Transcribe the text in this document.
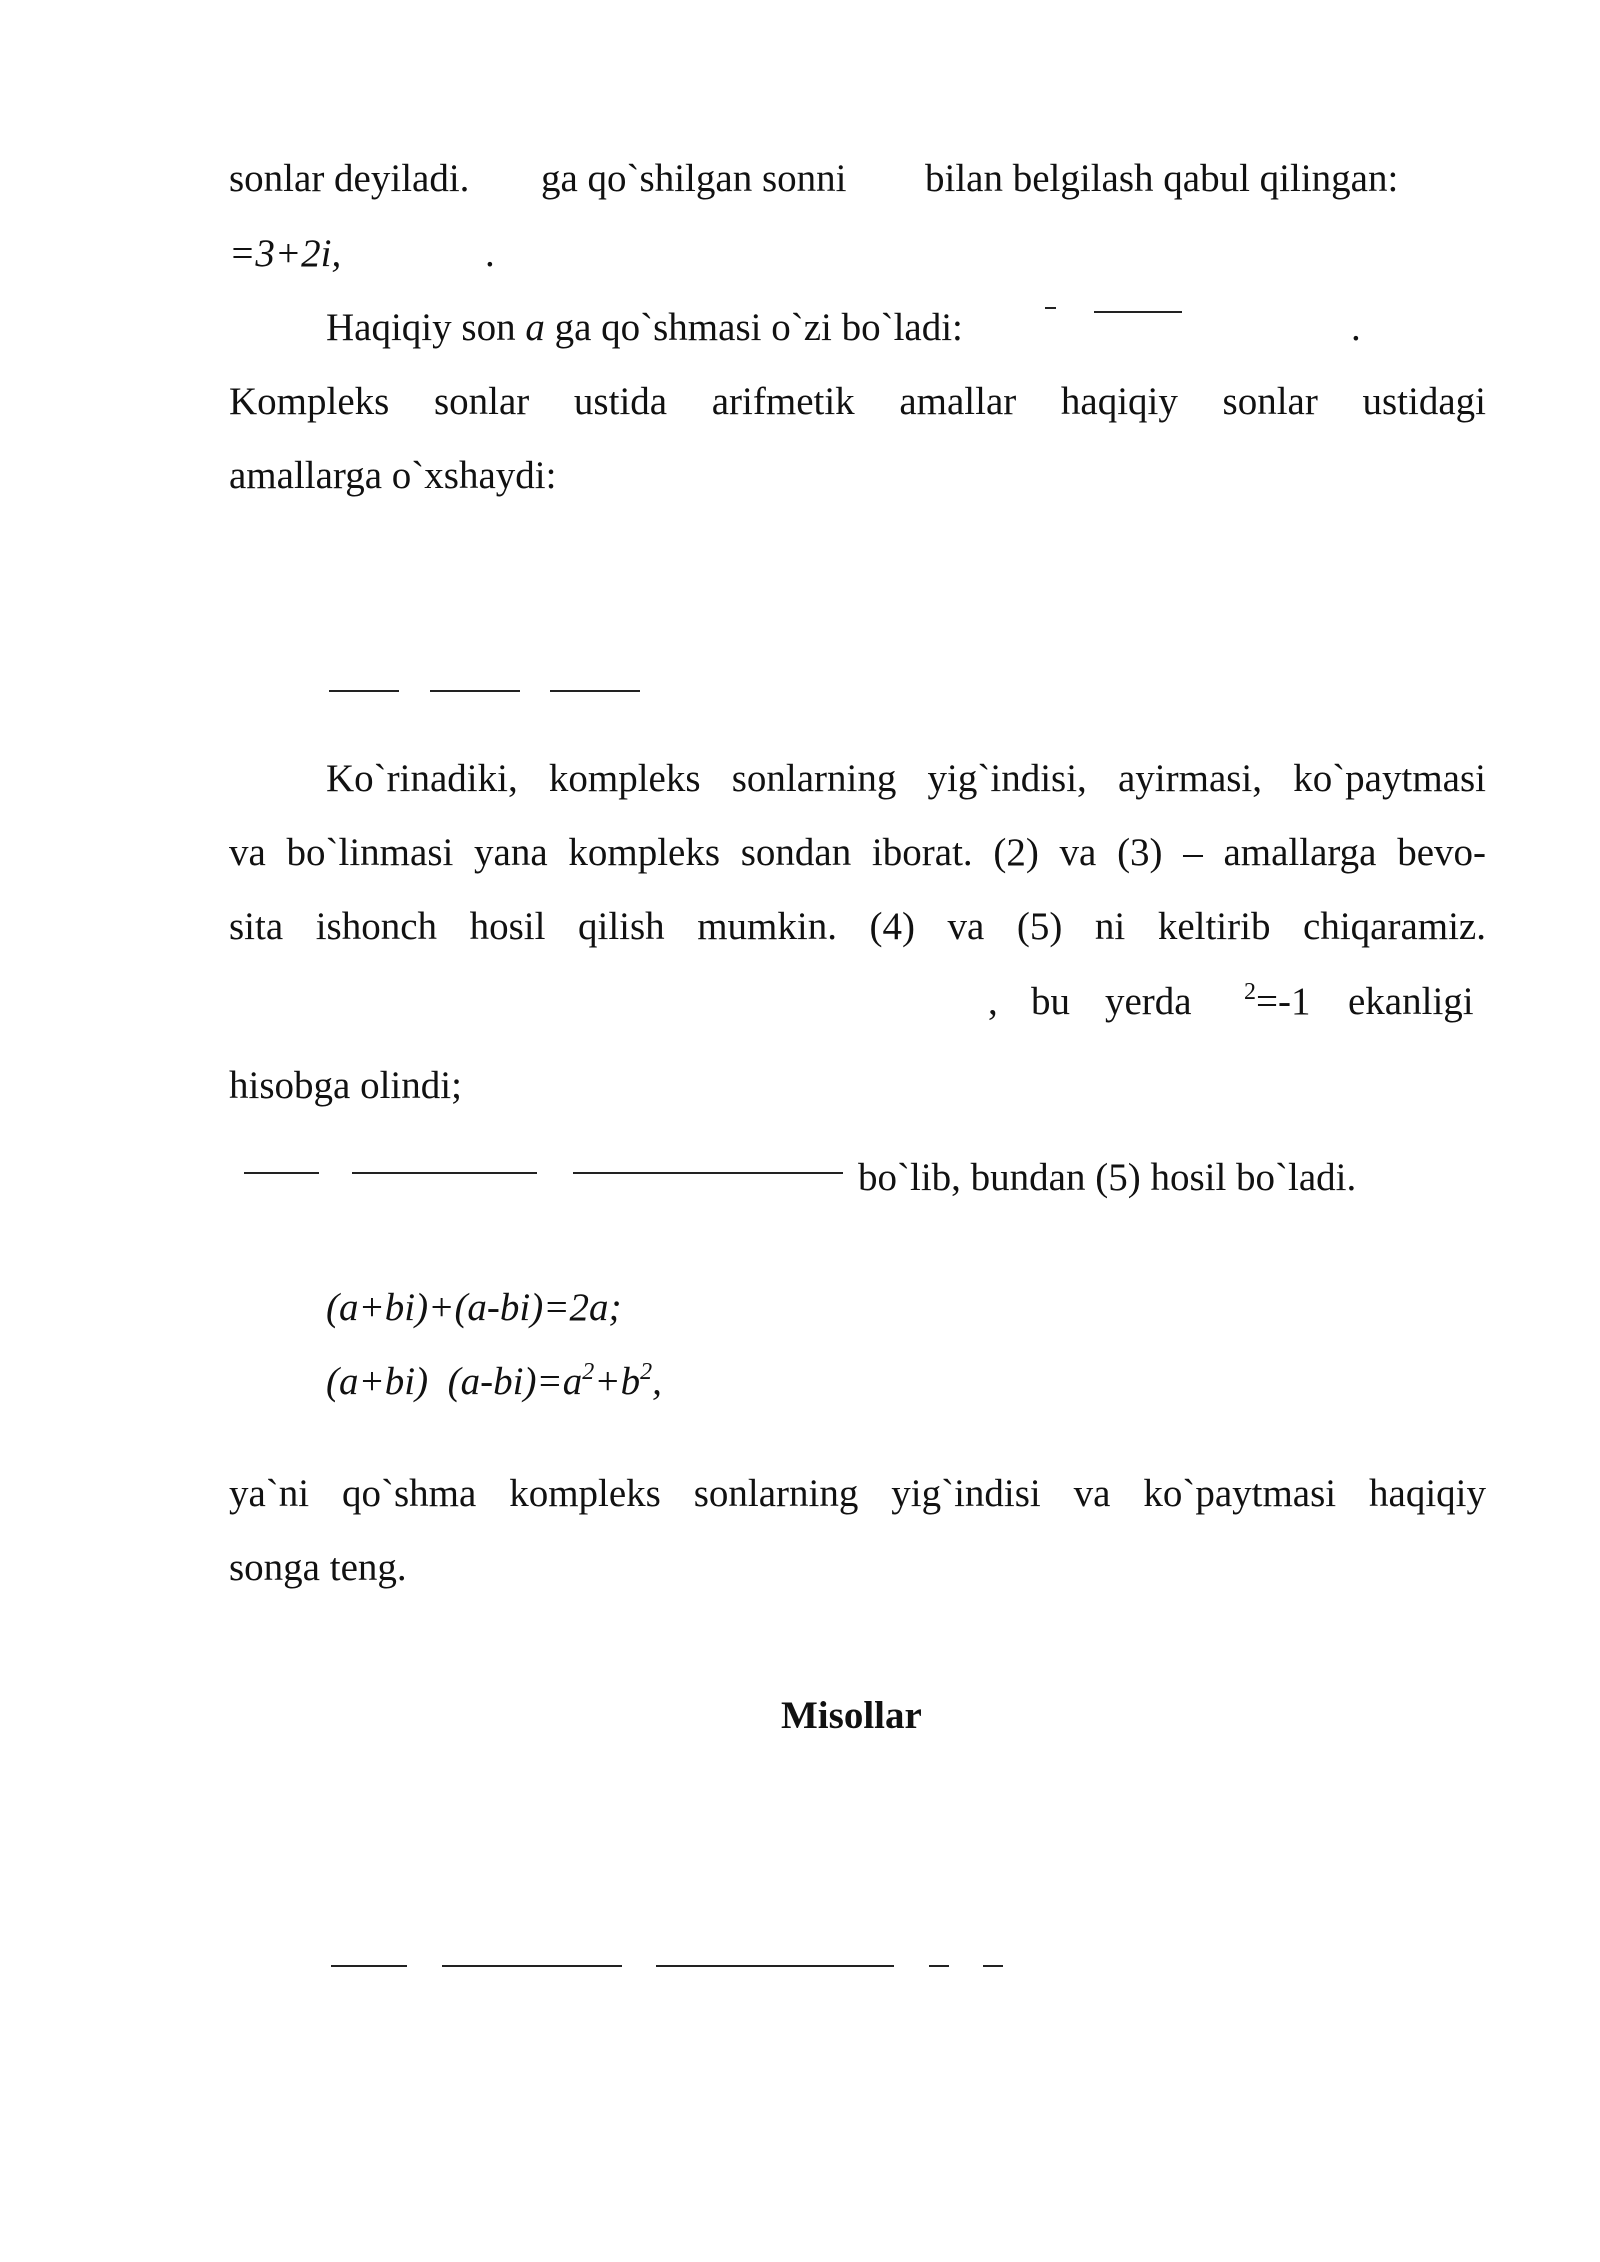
sonlar deyiladi. ga qo`shilgan sonni bilan belgilash qabul qilingan:
=3+2i,	.
Haqiqiy son a ga qo`shmasi o`zi bo`ladi:	.
Kompleks sonlar ustida arifmetik amallar haqiqiy sonlar ustidagi
amallarga o`xshaydi:
Ko`rinadiki, kompleks sonlarning yig`indisi, ayirmasi, ko`paytmasi
va bo`linmasi yana kompleks sondan iborat. (2) va (3) – amallarga bevo-
sita ishonch hosil qilish mumkin. (4) va (5) ni keltirib chiqaramiz.
, bu yerda $^2$=-1 ekanligi
hisobga olindi;
bo`lib, bundan (5) hosil bo`ladi.
(a+bi)+(a-bi)=2a;
(a+bi)  $(a-bi)=a^2+b^2$,
ya`ni qo`shma kompleks sonlarning yig`indisi va ko`paytmasi haqiqiy
songa teng.
Misollar
